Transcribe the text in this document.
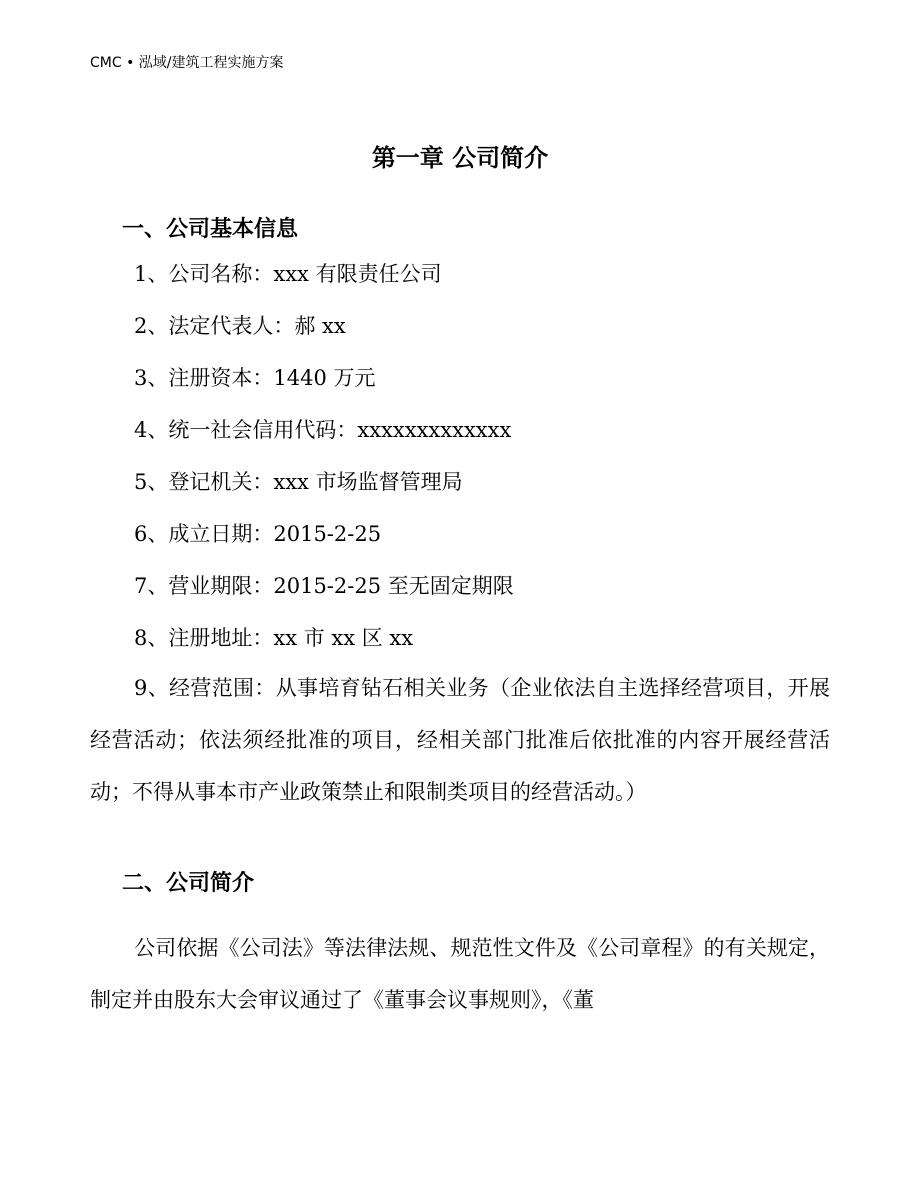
CMC • 泓域/建筑工程实施方案
第一章 公司简介
一、公司基本信息
1、公司名称：xxx 有限责任公司
2、法定代表人：郝 xx
3、注册资本：1440 万元
4、统一社会信用代码：xxxxxxxxxxxxx
5、登记机关：xxx 市场监督管理局
6、成立日期：2015-2-25
7、营业期限：2015-2-25 至无固定期限
8、注册地址：xx 市 xx 区 xx
9、经营范围：从事培育钻石相关业务（企业依法自主选择经营项目，开展经营活动；依法须经批准的项目，经相关部门批准后依批准的内容开展经营活动；不得从事本市产业政策禁止和限制类项目的经营活动。）
二、公司简介
公司依据《公司法》等法律法规、规范性文件及《公司章程》的有关规定，制定并由股东大会审议通过了《董事会议事规则》，《董
